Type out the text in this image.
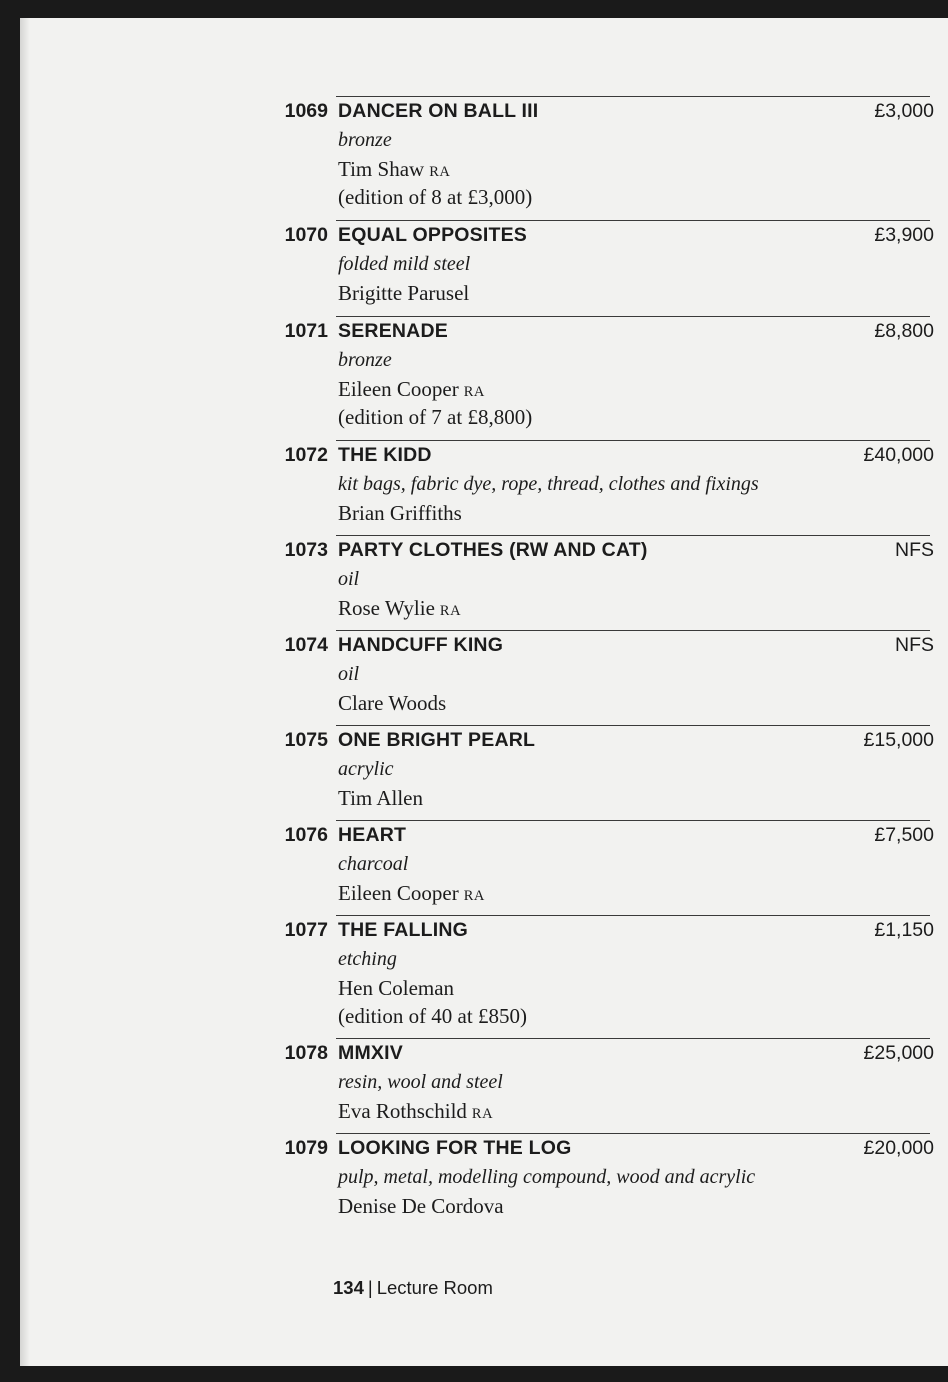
1069 DANCER ON BALL III	£3,000
bronze
Tim Shaw RA
(edition of 8 at £3,000)
1070 EQUAL OPPOSITES	£3,900
folded mild steel
Brigitte Parusel
1071 SERENADE	£8,800
bronze
Eileen Cooper RA
(edition of 7 at £8,800)
1072 THE KIDD	£40,000
kit bags, fabric dye, rope, thread, clothes and fixings
Brian Griffiths
1073 PARTY CLOTHES (RW AND CAT)	NFS
oil
Rose Wylie RA
1074 HANDCUFF KING	NFS
oil
Clare Woods
1075 ONE BRIGHT PEARL	£15,000
acrylic
Tim Allen
1076 HEART	£7,500
charcoal
Eileen Cooper RA
1077 THE FALLING	£1,150
etching
Hen Coleman
(edition of 40 at £850)
1078 MMXIV	£25,000
resin, wool and steel
Eva Rothschild RA
1079 LOOKING FOR THE LOG	£20,000
pulp, metal, modelling compound, wood and acrylic
Denise De Cordova
134 | Lecture Room
